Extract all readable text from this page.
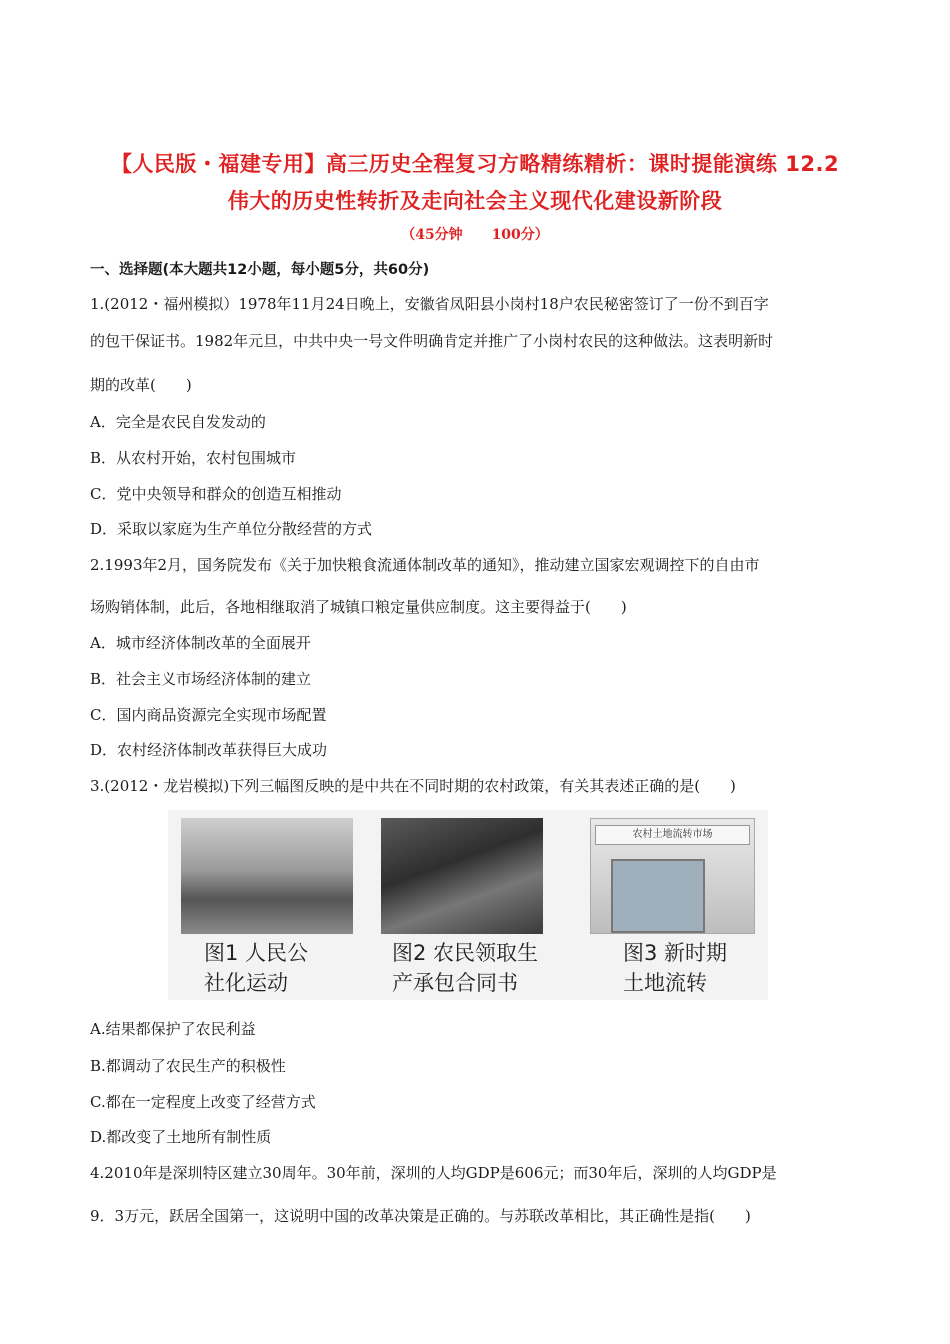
【人民版・福建专用】高三历史全程复习方略精练精析：课时提能演练 12.2
伟大的历史性转折及走向社会主义现代化建设新阶段
（45分钟 100分）
一、选择题(本大题共12小题，每小题5分，共60分)
1.(2012・福州模拟）1978年11月24日晚上，安徽省凤阳县小岗村18户农民秘密签订了一份不到百字
的包干保证书。1982年元旦，中共中央一号文件明确肯定并推广了小岗村农民的这种做法。这表明新时
期的改革(　　)
A．完全是农民自发发动的
B．从农村开始，农村包围城市
C．党中央领导和群众的创造互相推动
D．采取以家庭为生产单位分散经营的方式
2.1993年2月，国务院发布《关于加快粮食流通体制改革的通知》，推动建立国家宏观调控下的自由市
场购销体制，此后，各地相继取消了城镇口粮定量供应制度。这主要得益于(　　)
A．城市经济体制改革的全面展开
B．社会主义市场经济体制的建立
C．国内商品资源完全实现市场配置
D．农村经济体制改革获得巨大成功
3.(2012・龙岩模拟)下列三幅图反映的是中共在不同时期的农村政策，有关其表述正确的是(　　)
农村土地流转市场
图1 人民公
社化运动
图2 农民领取生
产承包合同书
图3 新时期
土地流转
A.结果都保护了农民利益
B.都调动了农民生产的积极性
C.都在一定程度上改变了经营方式
D.都改变了土地所有制性质
4.2010年是深圳特区建立30周年。30年前，深圳的人均GDP是606元；而30年后，深圳的人均GDP是
9．3万元，跃居全国第一，这说明中国的改革决策是正确的。与苏联改革相比，其正确性是指(　　)
